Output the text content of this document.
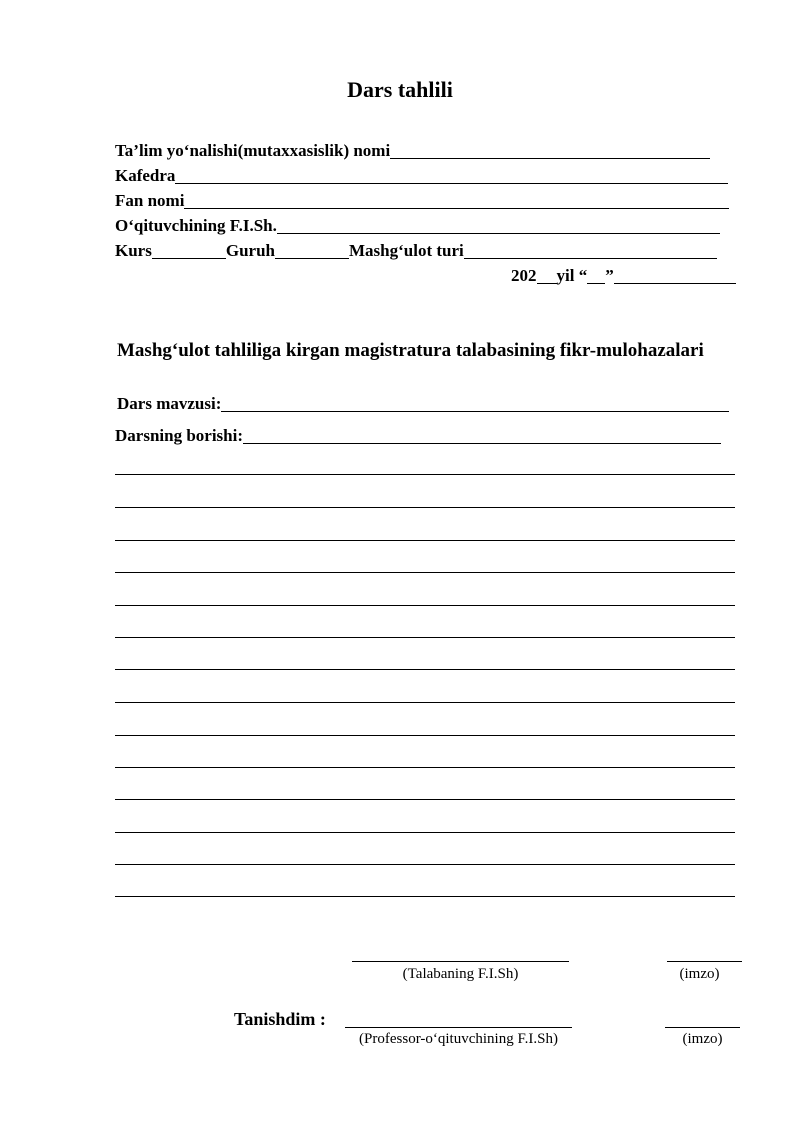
Dars tahlili
Ta’lim yo‘nalishi(mutaxxasislik) nomi
Kafedra
Fan nomi
O‘qituvchining F.I.Sh.
Kurs	Guruh	Mashg‘ulot turi
202 yil “ ”
Mashg‘ulot tahliliga kirgan magistratura talabasining fikr-mulohazalari
Dars mavzusi:
Darsning borishi:
(Talabaning F.I.Sh)	(imzo)
Tanishdim :
(Professor-o‘qituvchining F.I.Sh)	(imzo)
